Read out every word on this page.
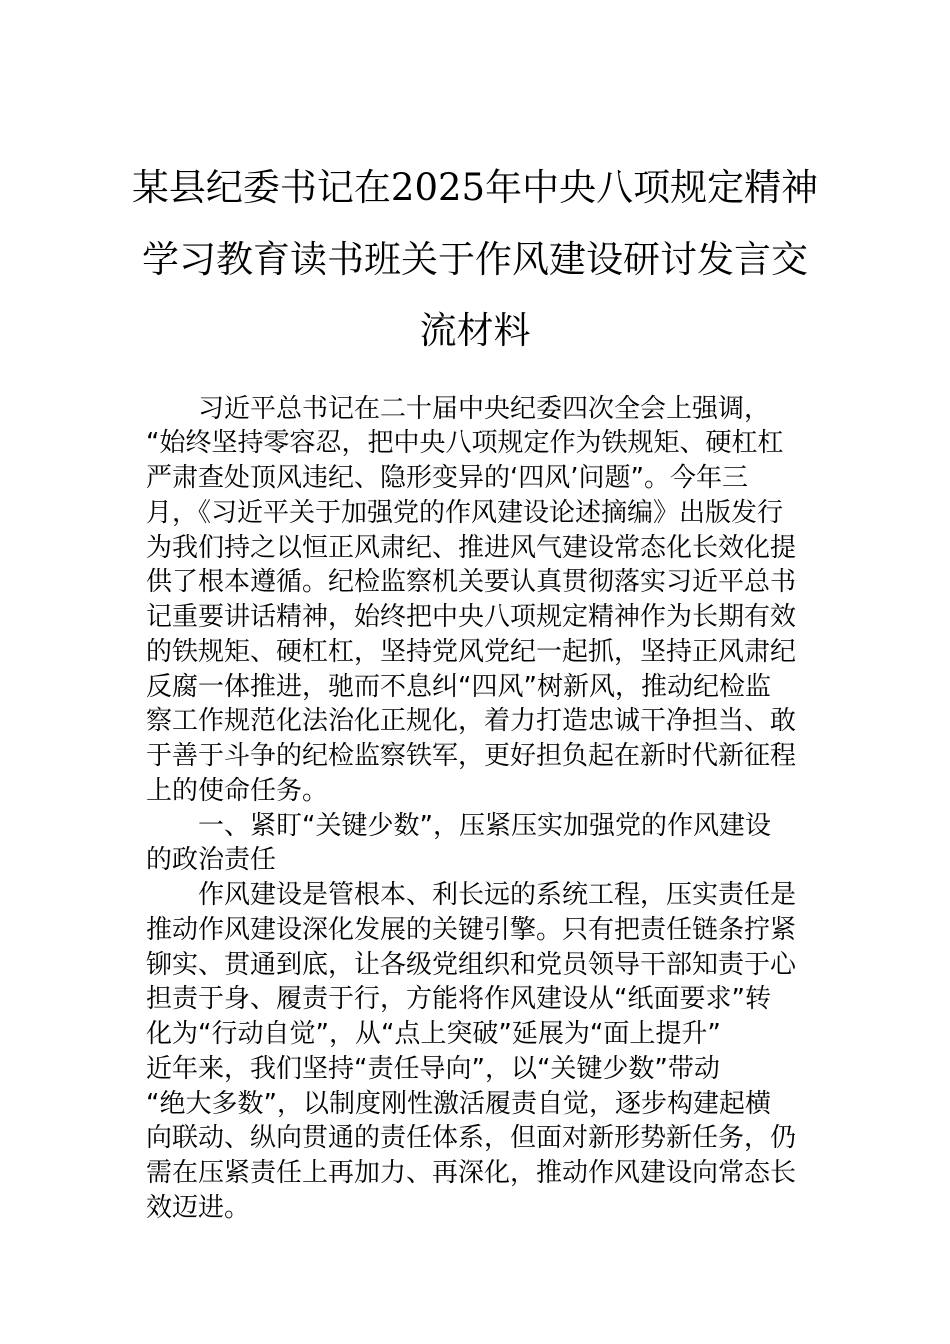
某县纪委书记在2025年中央八项规定精神
学习教育读书班关于作风建设研讨发言交
流材料
习近平总书记在二十届中央纪委四次全会上强调，
“始终坚持零容忍，把中央八项规定作为铁规矩、硬杠杠
严肃查处顶风违纪、隐形变异的‘四风’问题”。今年三
月，《习近平关于加强党的作风建设论述摘编》出版发行
为我们持之以恒正风肃纪、推进风气建设常态化长效化提
供了根本遵循。纪检监察机关要认真贯彻落实习近平总书
记重要讲话精神，始终把中央八项规定精神作为长期有效
的铁规矩、硬杠杠，坚持党风党纪一起抓，坚持正风肃纪
反腐一体推进，驰而不息纠“四风”树新风，推动纪检监
察工作规范化法治化正规化，着力打造忠诚干净担当、敢
于善于斗争的纪检监察铁军，更好担负起在新时代新征程
上的使命任务。
一、紧盯“关键少数”，压紧压实加强党的作风建设
的政治责任
作风建设是管根本、利长远的系统工程，压实责任是
推动作风建设深化发展的关键引擎。只有把责任链条拧紧
铆实、贯通到底，让各级党组织和党员领导干部知责于心
担责于身、履责于行，方能将作风建设从“纸面要求”转
化为“行动自觉”，从“点上突破”延展为“面上提升”
近年来，我们坚持“责任导向”，以“关键少数”带动
“绝大多数”，以制度刚性激活履责自觉，逐步构建起横
向联动、纵向贯通的责任体系，但面对新形势新任务，仍
需在压紧责任上再加力、再深化，推动作风建设向常态长
效迈进。
